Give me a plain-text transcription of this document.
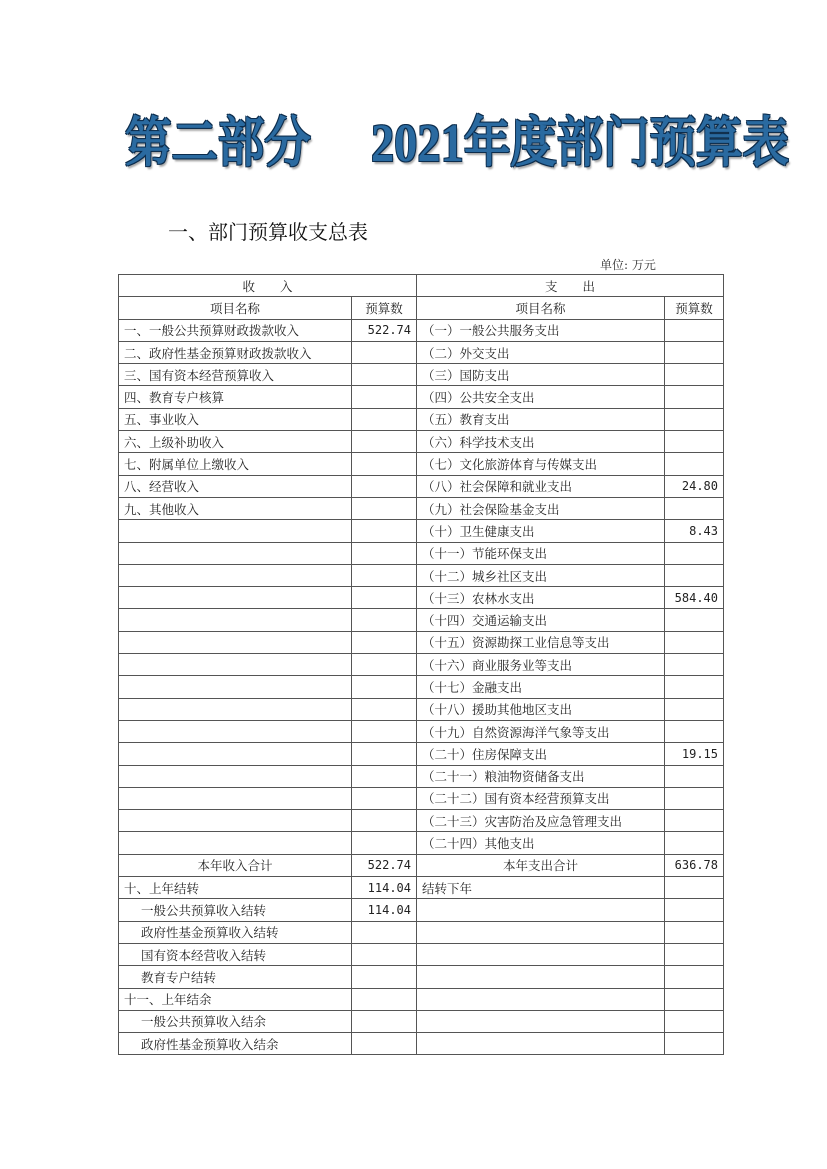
第二部分 2021年度部门预算表
一、部门预算收支总表
单位: 万元
收　　入		支　　出	
项目名称	预算数	项目名称	预算数
一、一般公共预算财政拨款收入	522.74	（一）一般公共服务支出	
二、政府性基金预算财政拨款收入		（二）外交支出	
三、国有资本经营预算收入		（三）国防支出	
四、教育专户核算		（四）公共安全支出	
五、事业收入		（五）教育支出	
六、上级补助收入		（六）科学技术支出	
七、附属单位上缴收入		（七）文化旅游体育与传媒支出	
八、经营收入		（八）社会保障和就业支出	24.80
九、其他收入		（九）社会保险基金支出	
		（十）卫生健康支出	8.43
		（十一）节能环保支出	
		（十二）城乡社区支出	
		（十三）农林水支出	584.40
		（十四）交通运输支出	
		（十五）资源勘探工业信息等支出	
		（十六）商业服务业等支出	
		（十七）金融支出	
		（十八）援助其他地区支出	
		（十九）自然资源海洋气象等支出	
		（二十）住房保障支出	19.15
		（二十一）粮油物资储备支出	
		（二十二）国有资本经营预算支出	
		（二十三）灾害防治及应急管理支出	
		（二十四）其他支出	
本年收入合计	522.74	本年支出合计	636.78
十、上年结转	114.04	结转下年	
一般公共预算收入结转	114.04		
政府性基金预算收入结转			
国有资本经营收入结转			
教育专户结转			
十一、上年结余			
一般公共预算收入结余			
政府性基金预算收入结余			
